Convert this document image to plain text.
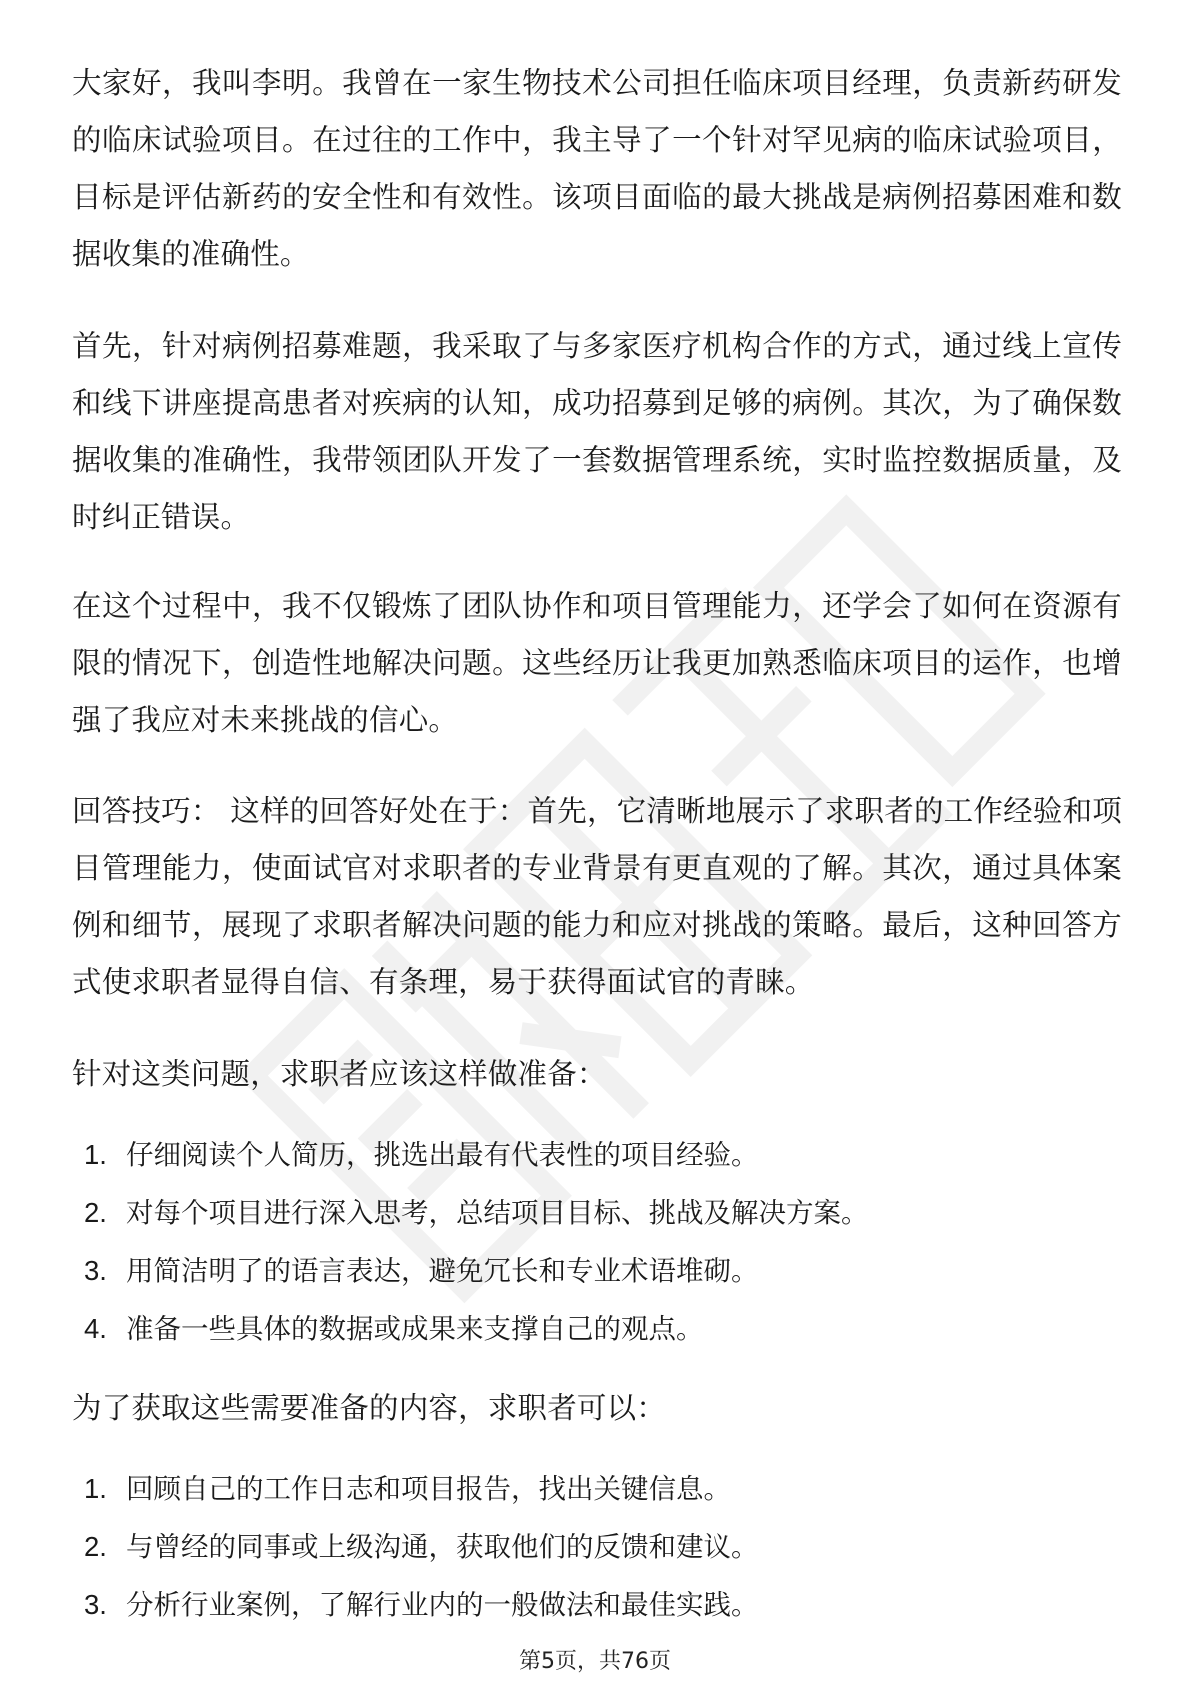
大家好，我叫李明。我曾在一家生物技术公司担任临床项目经理，负责新药研发的临床试验项目。在过往的工作中，我主导了一个针对罕见病的临床试验项目，目标是评估新药的安全性和有效性。该项目面临的最大挑战是病例招募困难和数据收集的准确性。

首先，针对病例招募难题，我采取了与多家医疗机构合作的方式，通过线上宣传和线下讲座提高患者对疾病的认知，成功招募到足够的病例。其次，为了确保数据收集的准确性，我带领团队开发了一套数据管理系统，实时监控数据质量，及时纠正错误。

在这个过程中，我不仅锻炼了团队协作和项目管理能力，还学会了如何在资源有限的情况下，创造性地解决问题。这些经历让我更加熟悉临床项目的运作，也增强了我应对未来挑战的信心。

回答技巧： 这样的回答好处在于：首先，它清晰地展示了求职者的工作经验和项目管理能力，使面试官对求职者的专业背景有更直观的了解。其次，通过具体案例和细节，展现了求职者解决问题的能力和应对挑战的策略。最后，这种回答方式使求职者显得自信、有条理，易于获得面试官的青睐。

针对这类问题，求职者应该这样做准备：

1. 仔细阅读个人简历，挑选出最有代表性的项目经验。
2. 对每个项目进行深入思考，总结项目目标、挑战及解决方案。
3. 用简洁明了的语言表达，避免冗长和专业术语堆砌。
4. 准备一些具体的数据或成果来支撑自己的观点。

为了获取这些需要准备的内容，求职者可以：

1. 回顾自己的工作日志和项目报告，找出关键信息。
2. 与曾经的同事或上级沟通，获取他们的反馈和建议。
3. 分析行业案例，了解行业内的一般做法和最佳实践。
第5页，共76页
